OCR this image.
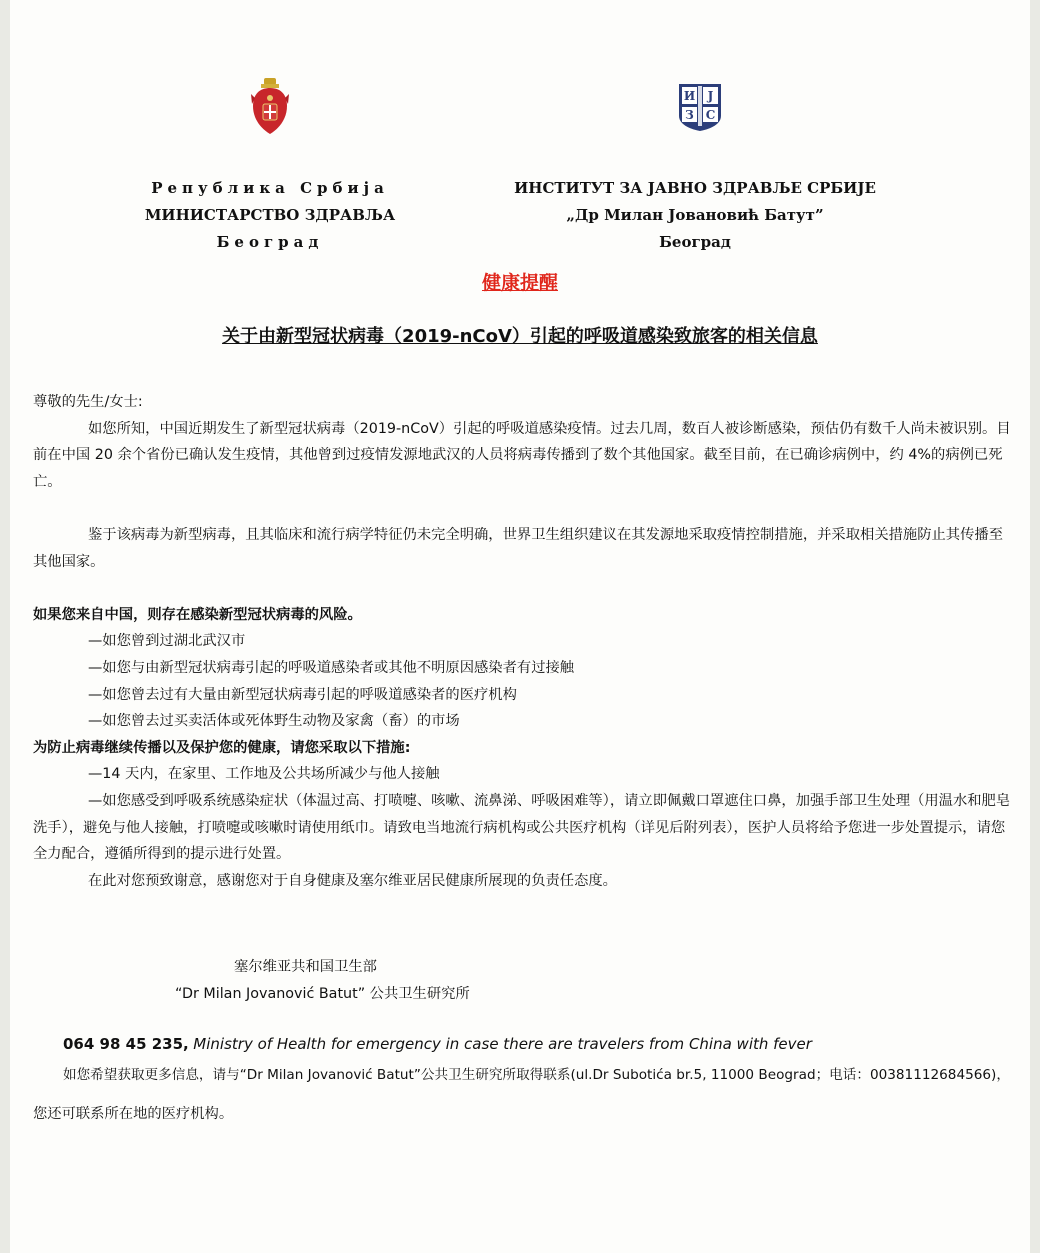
И Ј
З С
Република Србија
МИНИСТАРСТВО ЗДРАВЉА
Београд
ИНСТИТУТ ЗА ЈАВНО ЗДРАВЉЕ СРБИЈЕ
„Др Милан Јовановић Батут”
Београд
健康提醒
关于由新型冠状病毒（2019-nCoV）引起的呼吸道感染致旅客的相关信息

尊敬的先生/女士:

如您所知，中国近期发生了新型冠状病毒（2019-nCoV）引起的呼吸道感染疫情。过去几周，数百人被诊断感染，预估仍有数千人尚未被识别。目前在中国 20 余个省份已确认发生疫情，其他曾到过疫情发源地武汉的人员将病毒传播到了数个其他国家。截至目前，在已确诊病例中，约 4%的病例已死亡。

鉴于该病毒为新型病毒，且其临床和流行病学特征仍未完全明确，世界卫生组织建议在其发源地采取疫情控制措施，并采取相关措施防止其传播至其他国家。

如果您来自中国，则存在感染新型冠状病毒的风险。

—如您曾到过湖北武汉市

—如您与由新型冠状病毒引起的呼吸道感染者或其他不明原因感染者有过接触

—如您曾去过有大量由新型冠状病毒引起的呼吸道感染者的医疗机构

—如您曾去过买卖活体或死体野生动物及家禽（畜）的市场

为防止病毒继续传播以及保护您的健康，请您采取以下措施:

—14 天内，在家里、工作地及公共场所减少与他人接触

—如您感受到呼吸系统感染症状（体温过高、打喷嚏、咳嗽、流鼻涕、呼吸困难等），请立即佩戴口罩遮住口鼻，加强手部卫生处理（用温水和肥皂洗手），避免与他人接触，打喷嚏或咳嗽时请使用纸巾。请致电当地流行病机构或公共医疗机构（详见后附列表），医护人员将给予您进一步处置提示，请您全力配合，遵循所得到的提示进行处置。

在此对您预致谢意，感谢您对于自身健康及塞尔维亚居民健康所展现的负责任态度。

塞尔维亚共和国卫生部
“Dr Milan Jovanović Batut” 公共卫生研究所
064 98 45 235, Ministry of Health for emergency in case there are travelers from China with fever
如您希望获取更多信息，请与“Dr Milan Jovanović Batut”公共卫生研究所取得联系(ul.Dr Subotića br.5, 11000 Beograd；电话：00381112684566)，
您还可联系所在地的医疗机构。
